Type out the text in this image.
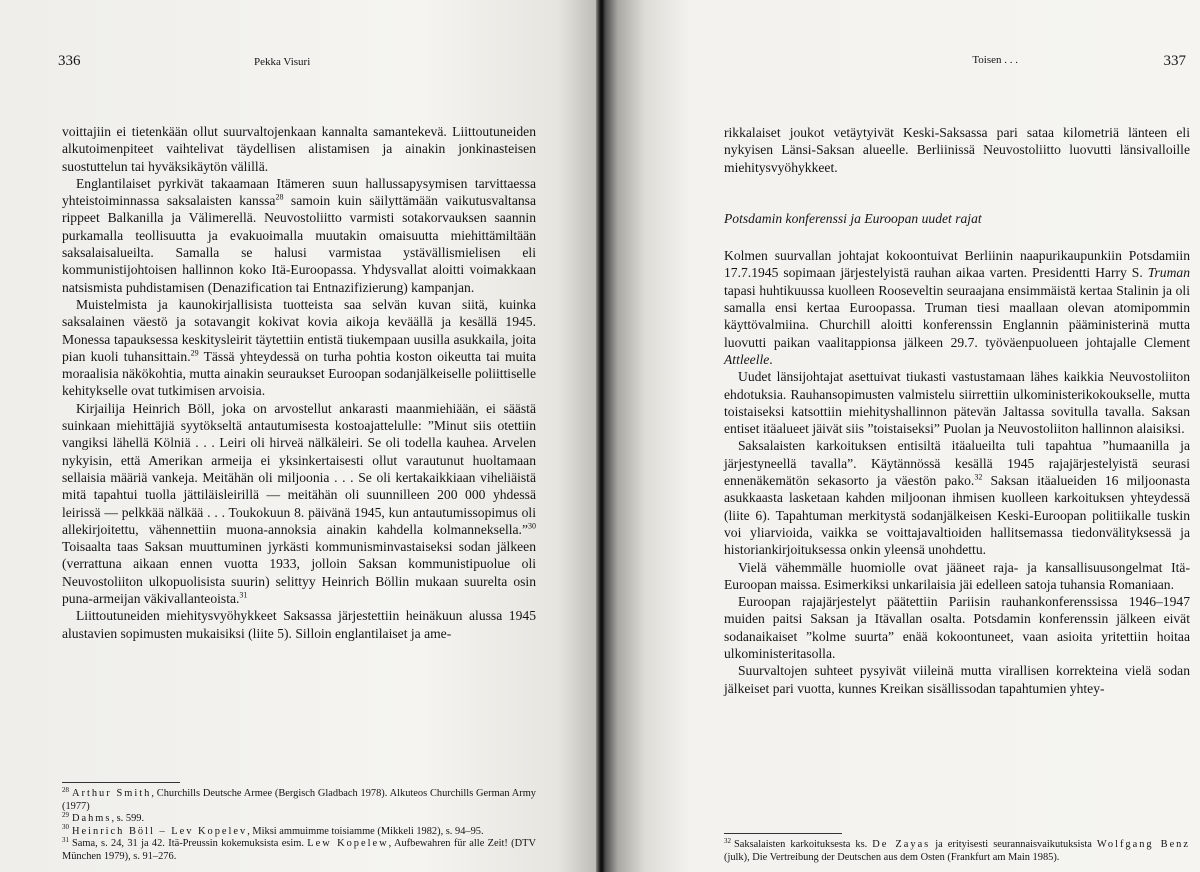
336	Pekka Visuri

voittajiin ei tietenkään ollut suurvaltojenkaan kannalta samantekevä. Liittoutuneiden alkutoimenpiteet vaihtelivat täydellisen alistamisen ja ainakin jonkinasteisen suostuttelun tai hyväksikäytön välillä.

Englantilaiset pyrkivät takaamaan Itämeren suun hallussapysymisen tarvittaessa yhteistoiminnassa saksalaisten kanssa$^{28}$ samoin kuin säilyttämään vaikutusvaltansa rippeet Balkanilla ja Välimerellä. Neuvostoliitto varmisti sotakorvauksen saannin purkamalla teollisuutta ja evakuoimalla muutakin omaisuutta miehittämiltään saksalaisalueilta. Samalla se halusi varmistaa ystävällismielisen eli kommunistijohtoisen hallinnon koko Itä-Euroopassa. Yhdysvallat aloitti voimakkaan natsismista puhdistamisen (Denazification tai Entnazifizierung) kampanjan.

Muistelmista ja kaunokirjallisista tuotteista saa selvän kuvan siitä, kuinka saksalainen väestö ja sotavangit kokivat kovia aikoja keväällä ja kesällä 1945. Monessa tapauksessa keskitysleirit täytettiin entistä tiukempaan uusilla asukkaila, joita pian kuoli tuhansittain.$^{29}$ Tässä yhteydessä on turha pohtia koston oikeutta tai muita moraalisia näkökohtia, mutta ainakin seuraukset Euroopan sodanjälkeiselle poliittiselle kehitykselle ovat tutkimisen arvoisia.

Kirjailija Heinrich Böll, joka on arvostellut ankarasti maanmiehiään, ei säästä suinkaan miehittäjiä syytökseltä antautumisesta kostoajattelulle: ”Minut siis otettiin vangiksi lähellä Kölniä . . . Leiri oli hirveä nälkäleiri. Se oli todella kauhea. Arvelen nykyisin, että Amerikan armeija ei yksinkertaisesti ollut varautunut huoltamaan sellaisia määriä vankeja. Meitähän oli miljoonia . . . Se oli kertakaikkiaan viheliäistä mitä tapahtui tuolla jättiläisleirillä — meitähän oli suunnilleen 200 000 yhdessä leirissä — pelkkää nälkää . . . Toukokuun 8. päivänä 1945, kun antautumissopimus oli allekirjoitettu, vähennettiin muona-annoksia ainakin kahdella kolmanneksella.”$^{30}$ Toisaalta taas Saksan muuttuminen jyrkästi kommunisminvastaiseksi sodan jälkeen (verrattuna aikaan ennen vuotta 1933, jolloin Saksan kommunistipuolue oli Neuvostoliiton ulkopuolisista suurin) selittyy Heinrich Böllin mukaan suurelta osin puna-armeijan väkivallanteoista.$^{31}$

Liittoutuneiden miehitysvyöhykkeet Saksassa järjestettiin heinäkuun alussa 1945 alustavien sopimusten mukaisiksi (liite 5). Silloin englantilaiset ja ame-

$^{28}$ Arthur Smith, Churchills Deutsche Armee (Bergisch Gladbach 1978). Alkuteos Churchills German Army (1977)
$^{29}$ Dahms, s. 599.
$^{30}$ Heinrich Böll – Lev Kopelev, Miksi ammuimme toisiamme (Mikkeli 1982), s. 94–95.
$^{31}$ Sama, s. 24, 31 ja 42. Itä-Preussin kokemuksista esim. Lew Kopelew, Aufbewahren für alle Zeit! (DTV München 1979), s. 91–276.
Toisen . . .	337

rikkalaiset joukot vetäytyivät Keski-Saksassa pari sataa kilometriä länteen eli nykyisen Länsi-Saksan alueelle. Berliinissä Neuvostoliitto luovutti länsivalloille miehitysvyöhykkeet.

Potsdamin konferenssi ja Euroopan uudet rajat

Kolmen suurvallan johtajat kokoontuivat Berliinin naapurikaupunkiin Potsdamiin 17.7.1945 sopimaan järjestelyistä rauhan aikaa varten. Presidentti Harry S. Truman tapasi huhtikuussa kuolleen Rooseveltin seuraajana ensimmäistä kertaa Stalinin ja oli samalla ensi kertaa Euroopassa. Truman tiesi maallaan olevan atomipommin käyttövalmiina. Churchill aloitti konferenssin Englannin pääministerinä mutta luovutti paikan vaalitappionsa jälkeen 29.7. työväenpuolueen johtajalle Clement Attleelle.

Uudet länsijohtajat asettuivat tiukasti vastustamaan lähes kaikkia Neuvostoliiton ehdotuksia. Rauhansopimusten valmistelu siirrettiin ulkoministerikokoukselle, mutta toistaiseksi katsottiin miehityshallinnon pätevän Jaltassa sovitulla tavalla. Saksan entiset itäalueet jäivät siis ”toistaiseksi” Puolan ja Neuvostoliiton hallinnon alaisiksi.

Saksalaisten karkoituksen entisiltä itäalueilta tuli tapahtua ”humaanilla ja järjestyneellä tavalla”. Käytännössä kesällä 1945 rajajärjestelyistä seurasi ennenäkemätön sekasorto ja väestön pako.$^{32}$ Saksan itäalueiden 16 miljoonasta asukkaasta lasketaan kahden miljoonan ihmisen kuolleen karkoituksen yhteydessä (liite 6). Tapahtuman merkitystä sodanjälkeisen Keski-Euroopan politiikalle tuskin voi yliarvioida, vaikka se voittajavaltioiden hallitsemassa tiedonvälityksessä ja historiankirjoituksessa onkin yleensä unohdettu.

Vielä vähemmälle huomiolle ovat jääneet raja- ja kansallisuusongelmat Itä-Euroopan maissa. Esimerkiksi unkarilaisia jäi edelleen satoja tuhansia Romaniaan.

Euroopan rajajärjestelyt päätettiin Pariisin rauhankonferenssissa 1946–1947 muiden paitsi Saksan ja Itävallan osalta. Potsdamin konferenssin jälkeen eivät sodanaikaiset ”kolme suurta” enää kokoontuneet, vaan asioita yritettiin hoitaa ulkoministeritasolla.

Suurvaltojen suhteet pysyivät viileinä mutta virallisen korrekteina vielä sodan jälkeiset pari vuotta, kunnes Kreikan sisällissodan tapahtumien yhtey-

$^{32}$ Saksalaisten karkoituksesta ks. De Zayas ja erityisesti seurannaisvaikutuksista Wolfgang Benz (julk), Die Vertreibung der Deutschen aus dem Osten (Frankfurt am Main 1985).
